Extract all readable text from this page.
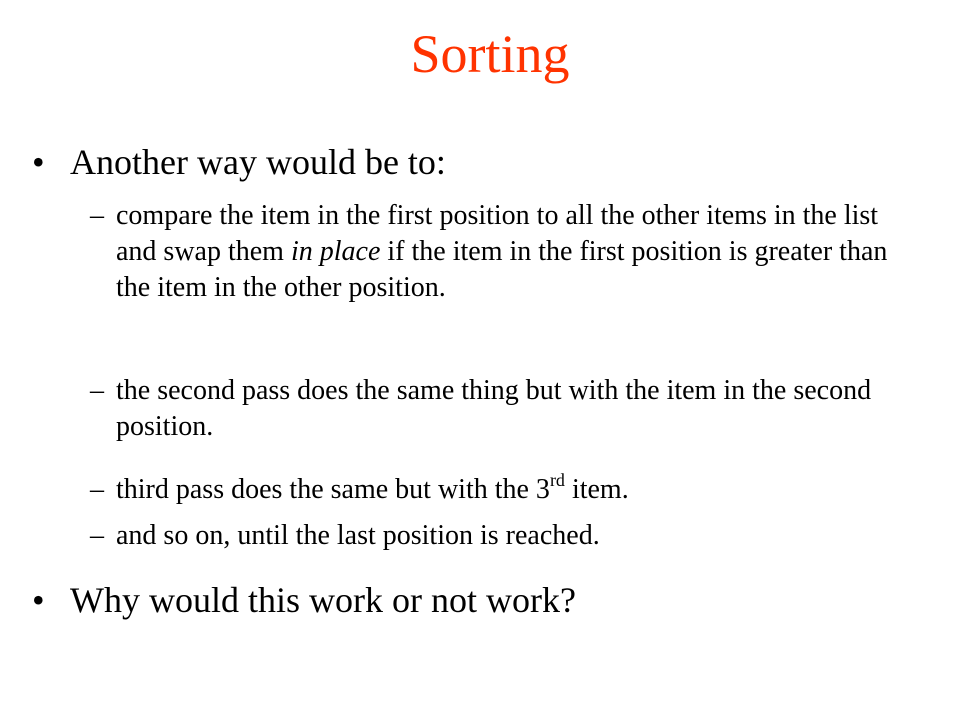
Sorting
• Another way would be to:
– compare the item in the first position to all the other items in the list and swap them in place if the item in the first position is greater than the item in the other position.
– the second pass does the same thing but with the item in the second position.
– third pass does the same but with the 3rd item.
– and so on, until the last position is reached.
• Why would this work or not work?
